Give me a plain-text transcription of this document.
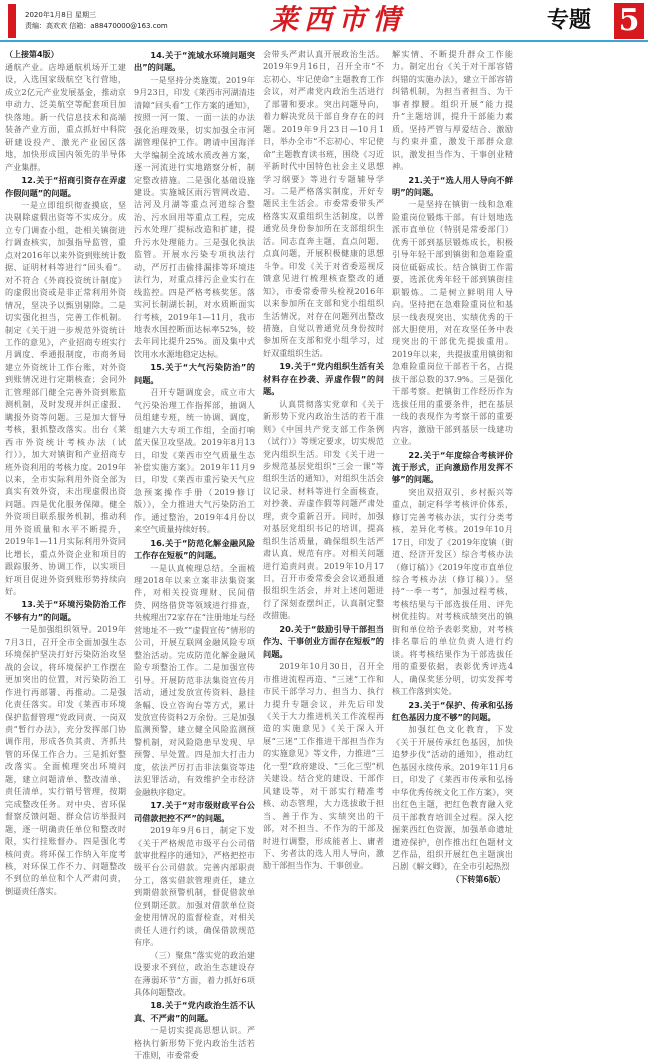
2020年1月8日 星期三
责编：高欢欢 信箱：a88470000@163.com	莱西市情	专题 5
（上接第4版）

通航产业。店埠通航机场开工建设，入选国家级航空飞行营地，成立2亿元产业发展基金，推动京申动力、泛美航空等配套项目加快落地。新一代信息技术和高端装备产业方面，重点抓好中科院研建设投产、激光产业园区落地，加快形成国内领先的半导体产业集群。

12.关于“招商引资存在弄虚作假问题”的问题。

一是立即组织彻查摸底，坚决剔除虚假出资等不实成分。成立专门调查小组，赴相关镇街进行调查核实，加强指导监管，重点对2016年以来外资到账统计数据、证明材料等进行“回头看”。对不符合《外商投资统计制度》的虚假出资或是非正常利用外资情况，坚决予以甄别剔除。二是切实强化担当，完善工作机制。制定《关于进一步规范外资统计工作的意见》，产业招商专班实行月调度、季通报制度，市商务局建立外资统计工作台账，对外资到账情况进行定期核查；会同外汇管理部门健全完善外资到账监测机制，及时发现并纠正虚报、瞒报外资等问题。三是加大督导考核，狠抓整改落实。出台《莱西市外资统计考核办法（试行）》，加大对镇街和产业招商专班外资利用的考核力度。2019年以来，全市实际利用外资全部为真实有效外资，未出现虚假出资问题。四是优化服务保障。健全外资项目联系服务机制，推动利用外资质量和水平不断提升，2019年1—11月实际利用外资同比增长，重点外资企业和项目的跟踪服务、协调工作，以实项目好项目促进外资到账形势持续向好。

13.关于“环境污染防治工作不够有力”的问题。

一是加强组织领导。2019年7月3日，召开全市全面加强生态环境保护坚决打好污染防治攻坚战的会议，将环境保护工作摆在更加突出的位置，对污染防治工作进行再部署、再推动。二是强化责任落实。印发《莱西市环境保护监督管理“党政同责、一岗双责”暂行办法》，充分发挥部门协调作用，形成各负其责、齐抓共管的环保工作合力。三是抓好整改落实。全面梳理突出环境问题，建立问题清单、整改清单、责任清单，实行销号管理，按期完成整改任务。对中央、省环保督察反馈问题、群众信访举报问题，逐一明确责任单位和整改时限，实行挂账督办。四是强化考核问责。将环保工作纳入年度考核，对环保工作不力、问题整改不到位的单位和个人严肃问责，倒逼责任落实。

14.关于“流域水环境问题突出”的问题。

一是坚持分类施策。2019年9月23日，印发《莱西市河湖清违清障“回头看”工作方案的通知》，按照一河一策、一面一法的办法强化治理效果，切实加强全市河湖管理保护工作。聘请中国海洋大学编制全流域水质改善方案，逐一河流进行实地踏察分析，制定整改措施。二是强化基础设施建设。实施城区雨污管网改造、沽河及月湖等重点河道综合整治、污水回用等重点工程，完成污水处理厂提标改造和扩建，提升污水处理能力。三是强化执法监管。开展水污染专项执法行动，严厉打击偷排漏排等环境违法行为，对重点排污企业实行在线监控。四是严格考核奖惩。落实河长制湖长制，对水质断面实行考核，2019年1—11月，我市地表水国控断面达标率52%，较去年同比提升25%。面及集中式饮用水水源地稳定达标。

15.关于“大气污染防治”的问题。

召开专题调度会，成立市大气污染治理工作指挥部，抽调人员组建专班，统一协调、调度，组建六大专项工作组，全面打响蓝天保卫攻坚战。2019年8月13日，印发《莱西市空气质量生态补偿实施方案》。2019年11月9日，印发《莱西市重污染天气应急预案操作手册（2019修订版）》，全力推进大气污染防治工作。通过整治，2019年4月份以来空气质量持续好转。

16.关于“防范化解金融风险工作存在短板”的问题。

一是认真梳理总结。全面梳理2018年以来立案非法集资案件，对相关投资理财、民间借贷、网络借贷等领域进行排查，共梳理出72家存在“注册地址与经营地址不一致”“虚假宣传”情形的公司，开展互联网金融风险专项整治活动。完成防范化解金融风险专项整治工作。二是加强宣传引导。开展防范非法集资宣传月活动，通过发放宣传资料、悬挂条幅、设立咨询台等方式，累计发放宣传资料2万余份。三是加强监测预警，建立健全风险监测预警机制，对风险隐患早发现、早预警、早处置。四是加大打击力度，依法严厉打击非法集资等违法犯罪活动，有效维护全市经济金融秩序稳定。

17.关于“对市级财政平台公司借款把控不严”的问题。

2019年9月6日，制定下发《关于严格规范市级平台公司借款审批程序的通知》，严格把控市级平台公司借款。完善内部职责分工，落实借款管理责任，建立到期借款预警机制，督促借款单位到期还款。加强对借款单位资金使用情况的监督检查，对相关责任人进行约谈，确保借款规范有序。

（三）聚焦“落实党的政治建设要求不到位，政治生态建设存在薄弱环节”方面，着力抓好6项具体问题整改。

18.关于“党内政治生活不认真、不严肃”的问题。

一是切实提高思想认识。严格执行新形势下党内政治生活若干准则，市委常委

会带头严肃认真开展政治生活。2019年9月16日，召开全市“不忘初心、牢记使命”主题教育工作会议，对严肃党内政治生活进行了部署和要求。突出问题导向，着力解决党员干部自身存在的问题。2019年9月23日—10月1日，举办全市“不忘初心、牢记使命”主题教育读书班，围绕《习近平新时代中国特色社会主义思想学习纲要》等进行专题辅导学习。二是严格落实制度，开好专题民主生活会。市委常委带头严格落实双重组织生活制度，以普通党员身份参加所在支部组织生活。同志直奔主题，直点问题、点真问题，开展积极健康的思想斗争。印发《关于对省委巡视反馈意见进行梳理核查整改的通知》，市委常委带头检视2016年以来参加所在支部和党小组组织生活情况，对存在问题列出整改措施，自觉以普通党员身份按时参加所在支部和党小组学习，过好双重组织生活。

19.关于“党内组织生活有关材料存在抄袭、弄虚作假”的问题。

认真贯彻落实党章和《关于新形势下党内政治生活的若干准则》《中国共产党支部工作条例（试行）》等规定要求，切实规范党内组织生活。印发《关于进一步规范基层党组织“三会一课”等组织生活的通知》，对组织生活会议记录、材料等进行全面核查，对抄袭、弄虚作假等问题严肃处理，责令重新召开。同时，加强对基层党组织书记的培训，提高组织生活质量，确保组织生活严肃认真、规范有序。对相关问题进行追责问责。2019年10月17日，召开市委常委会会议通报通报组织生活会，并对上述问题进行了深刻查摆纠正，认真制定整改措施。

20.关于“鼓励引导干部担当作为、干事创业方面存在短板”的问题。

2019年10月30日，召开全市推进流程再造、“三迷”工作和市民干部学习力、担当力、执行力提升专题会议，并先后印发《关于大力推进机关工作流程再造的实施意见》《关于深入开展“三迷”工作推进干部担当作为的实施意见》等文件，力推进“三化一型”政府建设、“三化三型”机关建设。结合党的建设、干部作风建设等，对干部实行精准考核、动态管理，大力选拔敢于担当、善于作为、实绩突出的干部，对不担当、不作为的干部及时进行调整，形成能者上、庸者下、劣者汰的选人用人导向，激励干部担当作为、干事创业。

解实情、不断提升群众工作能力。制定出台《关于对干部容错纠错的实施办法》，建立干部容错纠错机制，为担当者担当、为干事者撑腰。组织开展“能力提升”主题培训，提升干部能力素质。坚持严管与厚爱结合、激励与约束并重，激发干部群众意识，激发担当作为、干事创业精神。

21.关于“选人用人导向不鲜明”的问题。

一是坚持在镇街一线和急难险重岗位锻炼干部。有计划地选派市直单位（特别是常委部门）优秀干部到基层锻炼成长，积极引导年轻干部到镇街和急难险重岗位砥砺成长。结合镇街工作需要，选派优秀年轻干部到镇街挂职锻炼。二是树立鲜明用人导向。坚持把在急难险重岗位和基层一线表现突出、实绩优秀的干部大胆使用，对在攻坚任务中表现突出的干部优先提拔重用。2019年以来，共提拔重用镇街和急难险重岗位干部若干名，占提拔干部总数的37.9%。三是强化干部考察。把镇街工作经历作为选拔任用的重要条件，把在基层一线的表现作为考察干部的重要内容，激励干部到基层一线建功立业。

22.关于“年度综合考核评价流于形式，正向激励作用发挥不够”的问题。

突出双招双引、乡村振兴等重点，制定科学考核评价体系，修订完善考核办法，实行分类考核、差异化考核。2019年10月17日，印发了《2019年度镇（街道、经济开发区）综合考核办法（修订稿）》《2019年度市直单位综合考核办法（修订稿）》。坚持“一季一考”，加强过程考核，考核结果与干部选拔任用、评先树优挂钩。对考核成绩突出的镇街和单位给予表彰奖励，对考核排名靠后的单位负责人进行约谈。将考核结果作为干部选拔任用的重要依据，表彰优秀评选4人，确保奖惩分明，切实发挥考核工作落到实处。

23.关于“保护、传承和弘扬红色基因力度不够”的问题。

加强红色文化教育，下发《关于开展传承红色基因，加快追梦步伐”活动的通知》，推动红色基因永续传承。2019年11月6日，印发了《莱西市传承和弘扬中华优秀传统文化工作方案》，突出红色主题，把红色教育融入党员干部教育培训全过程。深入挖掘莱西红色资源，加强革命遗址遗迹保护，创作推出红色题材文艺作品，组织开展红色主题演出吕剧《解文卿》，在全市引起热烈

（下转第6版）
